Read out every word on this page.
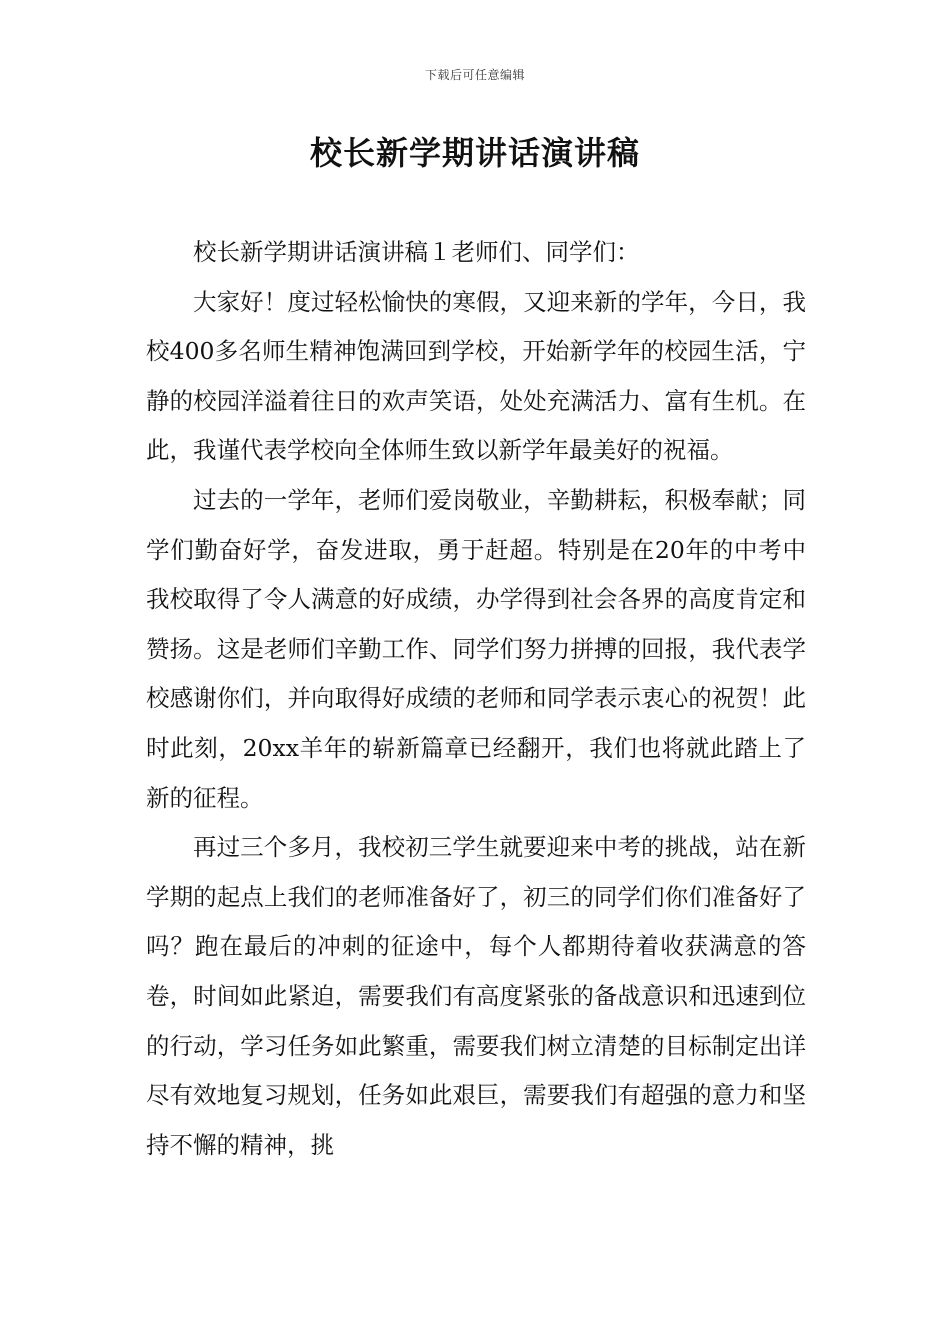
下载后可任意编辑
校长新学期讲话演讲稿

校长新学期讲话演讲稿１老师们、同学们：

大家好！度过轻松愉快的寒假，又迎来新的学年，今日，我校400多名师生精神饱满回到学校，开始新学年的校园生活，宁静的校园洋溢着往日的欢声笑语，处处充满活力、富有生机。在此，我谨代表学校向全体师生致以新学年最美好的祝福。

过去的一学年，老师们爱岗敬业，辛勤耕耘，积极奉献；同学们勤奋好学，奋发进取，勇于赶超。特别是在20年的中考中我校取得了令人满意的好成绩，办学得到社会各界的高度肯定和赞扬。这是老师们辛勤工作、同学们努力拼搏的回报，我代表学校感谢你们，并向取得好成绩的老师和同学表示衷心的祝贺！此时此刻，20xx羊年的崭新篇章已经翻开，我们也将就此踏上了新的征程。

再过三个多月，我校初三学生就要迎来中考的挑战，站在新学期的起点上我们的老师准备好了，初三的同学们你们准备好了吗？跑在最后的冲刺的征途中，每个人都期待着收获满意的答卷，时间如此紧迫，需要我们有高度紧张的备战意识和迅速到位的行动，学习任务如此繁重，需要我们树立清楚的目标制定出详尽有效地复习规划，任务如此艰巨，需要我们有超强的意力和坚持不懈的精神，挑
